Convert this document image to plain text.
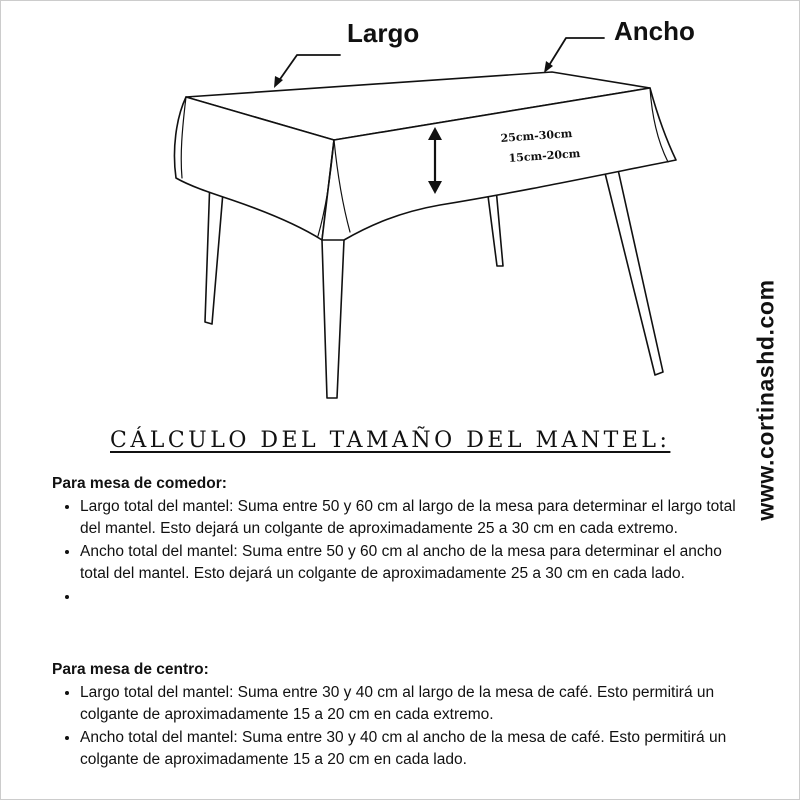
Largo	Ancho
25cm-30cm
15cm-20cm
www.cortinashd.com
CÁLCULO DEL TAMAÑO DEL MANTEL:

Para mesa de comedor:

• Largo total del mantel: Suma entre 50 y 60 cm al largo de la mesa para determinar el largo total del mantel. Esto dejará un colgante de aproximadamente 25 a 30 cm en cada extremo.
• Ancho total del mantel: Suma entre 50 y 60 cm al ancho de la mesa para determinar el ancho total del mantel. Esto dejará un colgante de aproximadamente 25 a 30 cm en cada lado.
•

Para mesa de centro:

• Largo total del mantel: Suma entre 30 y 40 cm al largo de la mesa de café. Esto permitirá un colgante de aproximadamente 15 a 20 cm en cada extremo.
• Ancho total del mantel: Suma entre 30 y 40 cm al ancho de la mesa de café. Esto permitirá un colgante de aproximadamente 15 a 20 cm en cada lado.
